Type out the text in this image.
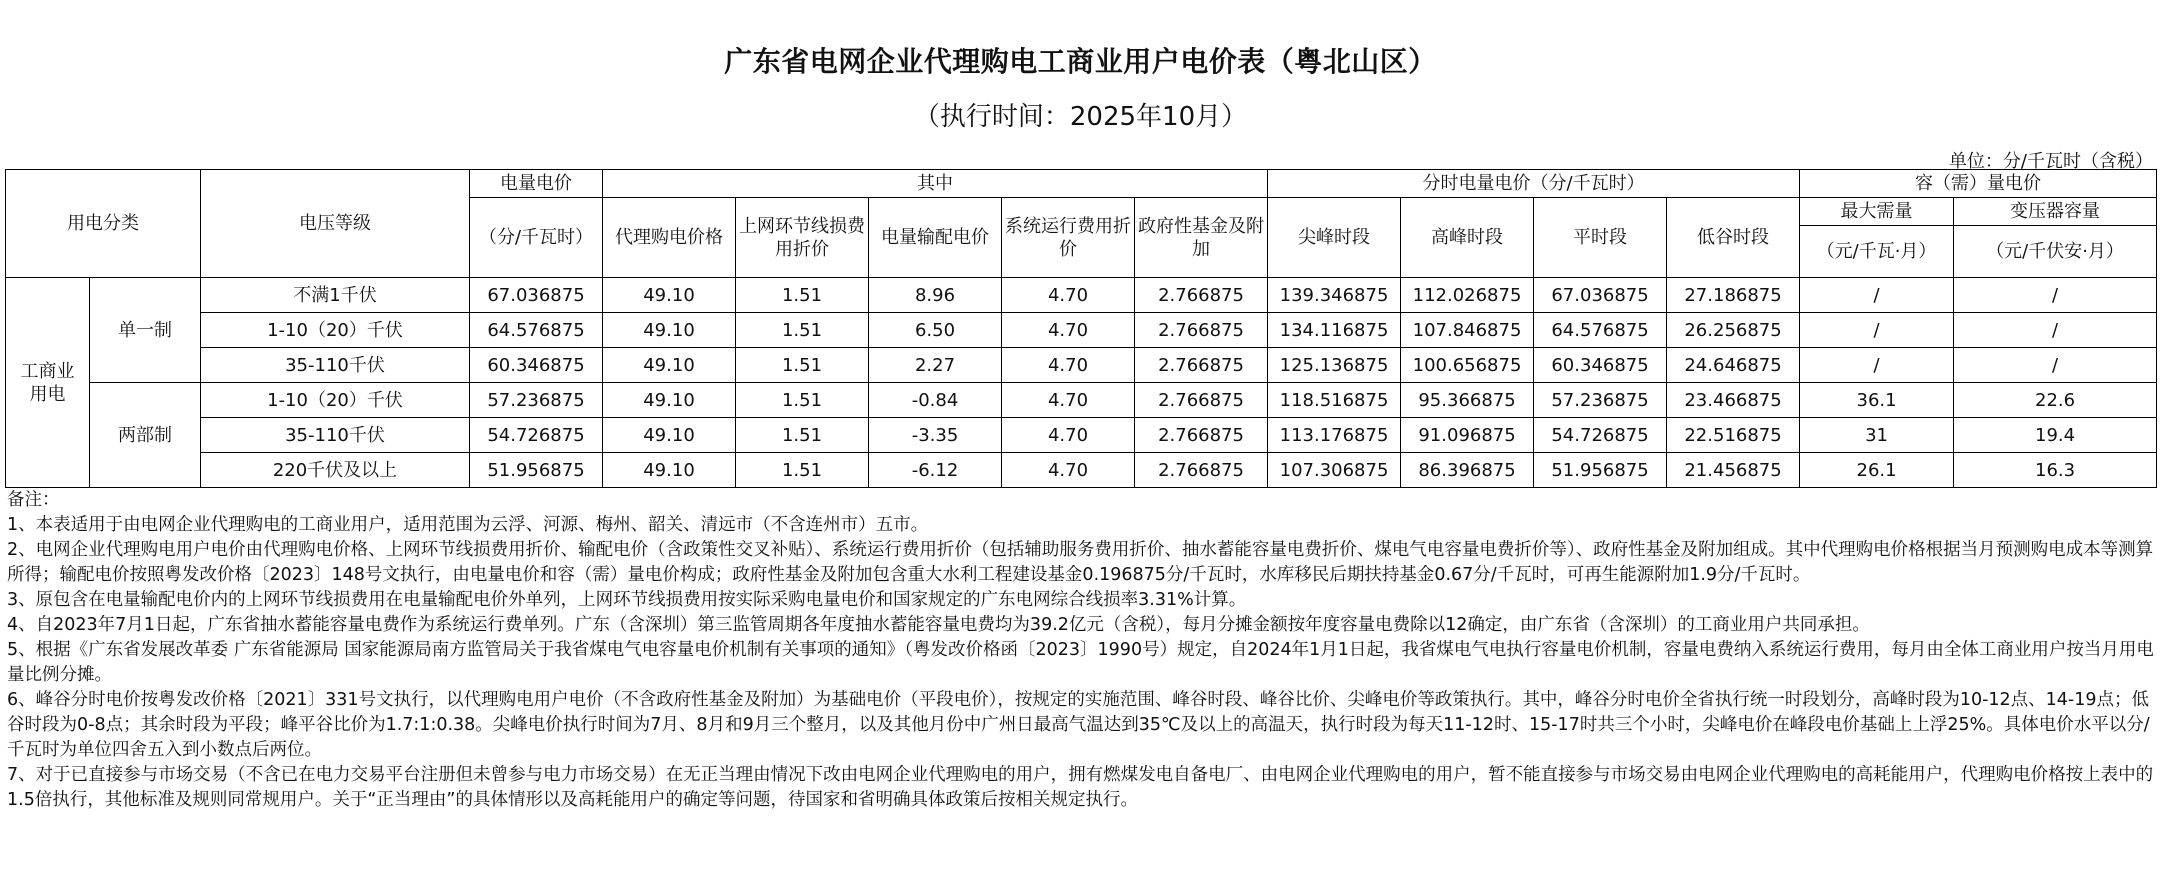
广东省电网企业代理购电工商业用户电价表（粤北山区）
（执行时间：2025年10月）
单位：分/千瓦时（含税）
用电分类		电压等级	电量电价	其中					分时电量电价（分/千瓦时）				容（需）量电价	
			（分/千瓦时）	代理购电价格	上网环节线损费用折价	电量输配电价	系统运行费用折价	政府性基金及附加	尖峰时段	高峰时段	平时段	低谷时段	最大需量	变压器容量
													（元/千瓦·月）	（元/千伏安·月）
工商业用电	单一制	不满1千伏	67.036875	49.10	1.51	8.96	4.70	2.766875	139.346875	112.026875	67.036875	27.186875	/	/
		1-10（20）千伏	64.576875	49.10	1.51	6.50	4.70	2.766875	134.116875	107.846875	64.576875	26.256875	/	/
		35-110千伏	60.346875	49.10	1.51	2.27	4.70	2.766875	125.136875	100.656875	60.346875	24.646875	/	/
	两部制	1-10（20）千伏	57.236875	49.10	1.51	-0.84	4.70	2.766875	118.516875	95.366875	57.236875	23.466875	36.1	22.6
		35-110千伏	54.726875	49.10	1.51	-3.35	4.70	2.766875	113.176875	91.096875	54.726875	22.516875	31	19.4
		220千伏及以上	51.956875	49.10	1.51	-6.12	4.70	2.766875	107.306875	86.396875	51.956875	21.456875	26.1	16.3

备注：

1、本表适用于由电网企业代理购电的工商业用户，适用范围为云浮、河源、梅州、韶关、清远市（不含连州市）五市。

2、电网企业代理购电用户电价由代理购电价格、上网环节线损费用折价、输配电价（含政策性交叉补贴）、系统运行费用折价（包括辅助服务费用折价、抽水蓄能容量电费折价、煤电气电容量电费折价等）、政府性基金及附加组成。其中代理购电价格根据当月预测购电成本等测算所得；输配电价按照粤发改价格〔2023〕148号文执行，由电量电价和容（需）量电价构成；政府性基金及附加包含重大水利工程建设基金0.196875分/千瓦时，水库移民后期扶持基金0.67分/千瓦时，可再生能源附加1.9分/千瓦时。

3、原包含在电量输配电价内的上网环节线损费用在电量输配电价外单列，上网环节线损费用按实际采购电量电价和国家规定的广东电网综合线损率3.31%计算。

4、自2023年7月1日起，广东省抽水蓄能容量电费作为系统运行费单列。广东（含深圳）第三监管周期各年度抽水蓄能容量电费均为39.2亿元（含税），每月分摊金额按年度容量电费除以12确定，由广东省（含深圳）的工商业用户共同承担。

5、根据《广东省发展改革委 广东省能源局 国家能源局南方监管局关于我省煤电气电容量电价机制有关事项的通知》（粤发改价格函〔2023〕1990号）规定，自2024年1月1日起，我省煤电气电执行容量电价机制，容量电费纳入系统运行费用，每月由全体工商业用户按当月用电量比例分摊。

6、峰谷分时电价按粤发改价格〔2021〕331号文执行，以代理购电用户电价（不含政府性基金及附加）为基础电价（平段电价），按规定的实施范围、峰谷时段、峰谷比价、尖峰电价等政策执行。其中，峰谷分时电价全省执行统一时段划分，高峰时段为10-12点、14-19点；低谷时段为0-8点；其余时段为平段；峰平谷比价为1.7:1:0.38。尖峰电价执行时间为7月、8月和9月三个整月，以及其他月份中广州日最高气温达到35℃及以上的高温天，执行时段为每天11-12时、15-17时共三个小时，尖峰电价在峰段电价基础上上浮25%。具体电价水平以分/千瓦时为单位四舍五入到小数点后两位。

7、对于已直接参与市场交易（不含已在电力交易平台注册但未曾参与电力市场交易）在无正当理由情况下改由电网企业代理购电的用户，拥有燃煤发电自备电厂、由电网企业代理购电的用户，暂不能直接参与市场交易由电网企业代理购电的高耗能用户，代理购电价格按上表中的1.5倍执行，其他标准及规则同常规用户。关于“正当理由”的具体情形以及高耗能用户的确定等问题，待国家和省明确具体政策后按相关规定执行。
